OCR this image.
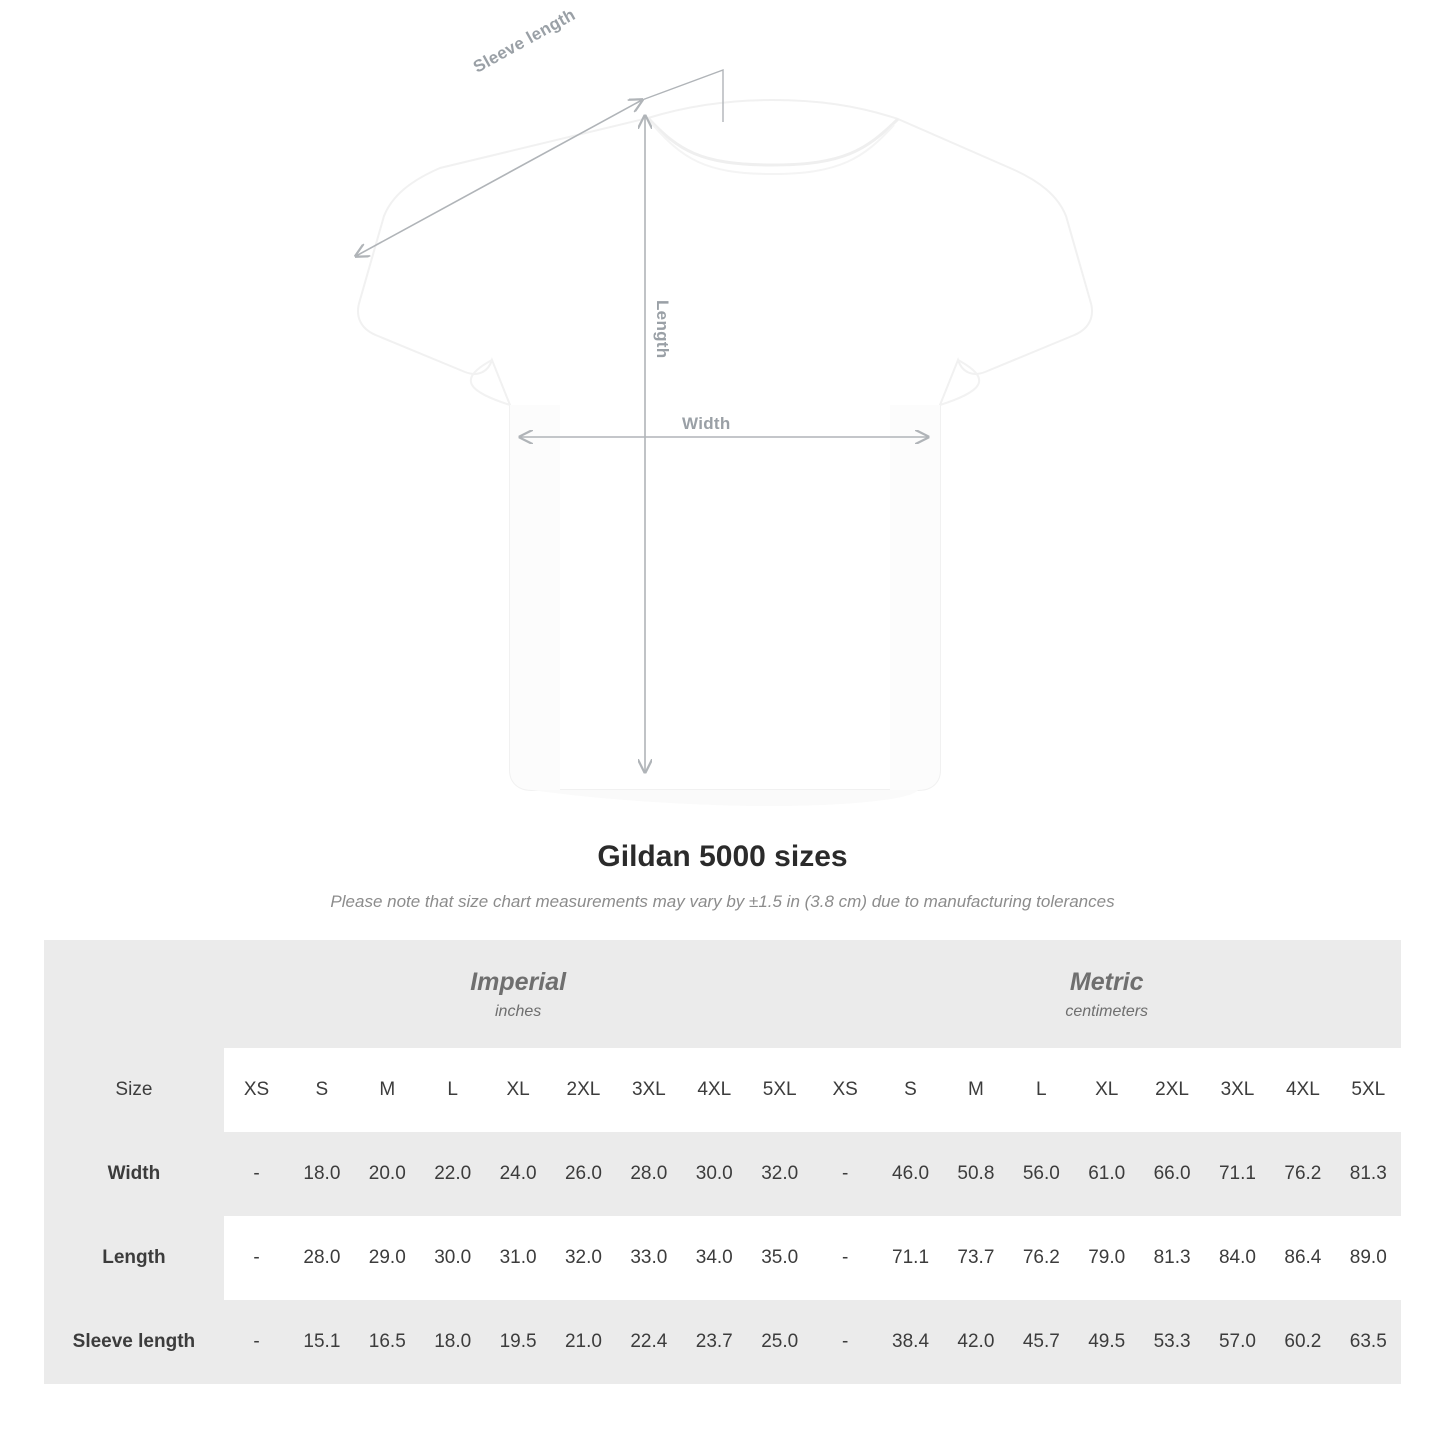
Sleeve length
Length
Width
Gildan 5000 sizes

Please note that size chart measurements may vary by ±1.5 in (3.8 cm) due to manufacturing tolerances

	Imperial
inches									Metric
centimeters								

Size	XS	S	M	L	XL	2XL	3XL	4XL	5XL	XS	S	M	L	XL	2XL	3XL	4XL	5XL
Width	-	18.0	20.0	22.0	24.0	26.0	28.0	30.0	32.0	-	46.0	50.8	56.0	61.0	66.0	71.1	76.2	81.3
Length	-	28.0	29.0	30.0	31.0	32.0	33.0	34.0	35.0	-	71.1	73.7	76.2	79.0	81.3	84.0	86.4	89.0
Sleeve length	-	15.1	16.5	18.0	19.5	21.0	22.4	23.7	25.0	-	38.4	42.0	45.7	49.5	53.3	57.0	60.2	63.5
